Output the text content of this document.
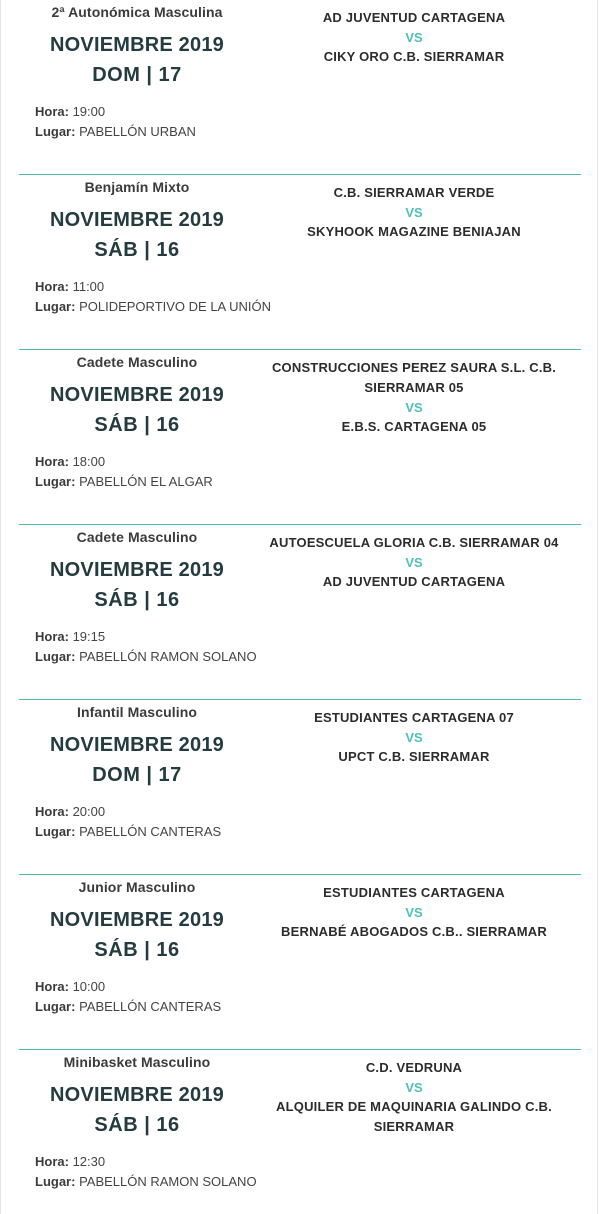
2ª Autonómica Masculina
NOVIEMBRE 2019
DOM | 17
Hora: 19:00
Lugar: PABELLÓN URBAN
AD JUVENTUD CARTAGENA
VS
CIKY ORO C.B. SIERRAMAR
Benjamín Mixto
NOVIEMBRE 2019
SÁB | 16
Hora: 11:00
Lugar: POLIDEPORTIVO DE LA UNIÓN
C.B. SIERRAMAR VERDE
VS
SKYHOOK MAGAZINE BENIAJAN
Cadete Masculino
NOVIEMBRE 2019
SÁB | 16
Hora: 18:00
Lugar: PABELLÓN EL ALGAR
CONSTRUCCIONES PEREZ SAURA S.L. C.B. SIERRAMAR 05
VS
E.B.S. CARTAGENA 05
Cadete Masculino
NOVIEMBRE 2019
SÁB | 16
Hora: 19:15
Lugar: PABELLÓN RAMON SOLANO
AUTOESCUELA GLORIA C.B. SIERRAMAR 04
VS
AD JUVENTUD CARTAGENA
Infantil Masculino
NOVIEMBRE 2019
DOM | 17
Hora: 20:00
Lugar: PABELLÓN CANTERAS
ESTUDIANTES CARTAGENA 07
VS
UPCT C.B. SIERRAMAR
Junior Masculino
NOVIEMBRE 2019
SÁB | 16
Hora: 10:00
Lugar: PABELLÓN CANTERAS
ESTUDIANTES CARTAGENA
VS
BERNABÉ ABOGADOS C.B.. SIERRAMAR
Minibasket Masculino
NOVIEMBRE 2019
SÁB | 16
Hora: 12:30
Lugar: PABELLÓN RAMON SOLANO
C.D. VEDRUNA
VS
ALQUILER DE MAQUINARIA GALINDO C.B. SIERRAMAR
